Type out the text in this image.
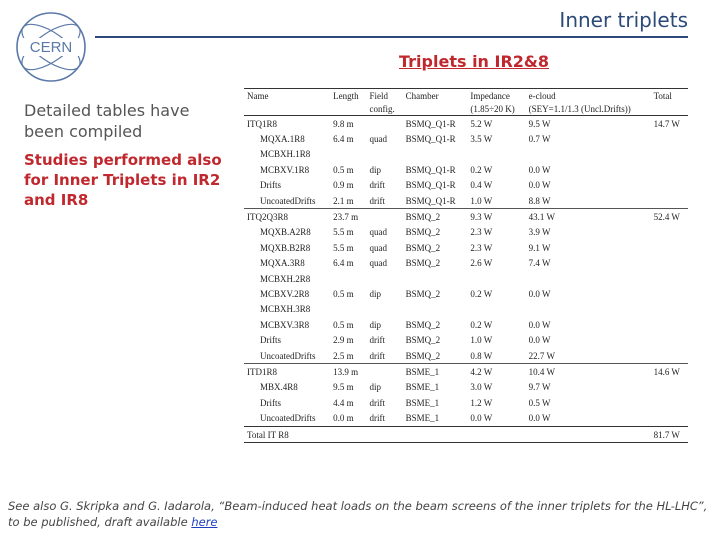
CERN
Inner triplets
Triplets in IR2&8
Detailed tables have been compiled
Studies performed also for Inner Triplets in IR2 and IR8
Name	Length	Field	Chamber	Impedance	e-cloud	Total
		config.		(1.85÷20 K)	(SEY=1.1/1.3 (Uncl.Drifts))	
ITQ1R8	9.8 m		BSMQ_Q1-R	5.2 W	9.5 W	14.7 W
MQXA.1R8	6.4 m	quad	BSMQ_Q1-R	3.5 W	0.7 W	
MCBXH.1R8						
MCBXV.1R8	0.5 m	dip	BSMQ_Q1-R	0.2 W	0.0 W	
Drifts	0.9 m	drift	BSMQ_Q1-R	0.4 W	0.0 W	
UncoatedDrifts	2.1 m	drift	BSMQ_Q1-R	1.0 W	8.8 W	
ITQ2Q3R8	23.7 m		BSMQ_2	9.3 W	43.1 W	52.4 W
MQXB.A2R8	5.5 m	quad	BSMQ_2	2.3 W	3.9 W	
MQXB.B2R8	5.5 m	quad	BSMQ_2	2.3 W	9.1 W	
MQXA.3R8	6.4 m	quad	BSMQ_2	2.6 W	7.4 W	
MCBXH.2R8						
MCBXV.2R8	0.5 m	dip	BSMQ_2	0.2 W	0.0 W	
MCBXH.3R8						
MCBXV.3R8	0.5 m	dip	BSMQ_2	0.2 W	0.0 W	
Drifts	2.9 m	drift	BSMQ_2	1.0 W	0.0 W	
UncoatedDrifts	2.5 m	drift	BSMQ_2	0.8 W	22.7 W	
ITD1R8	13.9 m		BSME_1	4.2 W	10.4 W	14.6 W
MBX.4R8	9.5 m	dip	BSME_1	3.0 W	9.7 W	
Drifts	4.4 m	drift	BSME_1	1.2 W	0.5 W	
UncoatedDrifts	0.0 m	drift	BSME_1	0.0 W	0.0 W	
Total IT R8						81.7 W
See also G. Skripka and G. Iadarola, “Beam-induced heat loads on the beam screens of the inner triplets for the HL-LHC”, to be published, draft available here
